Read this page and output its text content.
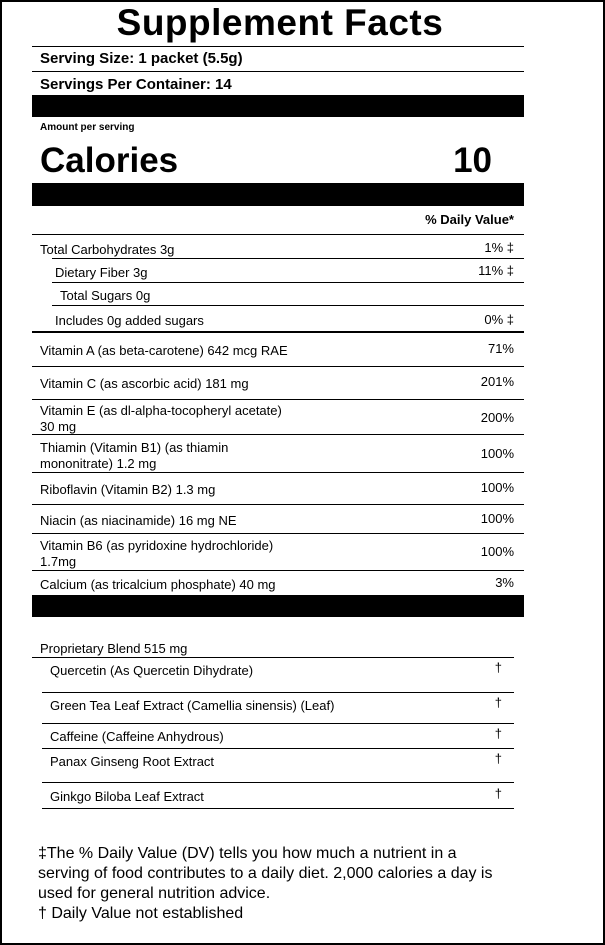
Supplement Facts
Serving Size: 1 packet (5.5g)
Servings Per Container: 14
Amount per serving
Calories	10
% Daily Value*
Total Carbohydrates 3g	1% ‡
Dietary Fiber 3g	11% ‡
Total Sugars 0g
Includes 0g added sugars	0% ‡
Vitamin A (as beta-carotene) 642 mcg RAE	71%
Vitamin C (as ascorbic acid) 181 mg	201%
Vitamin E (as dl-alpha-tocopheryl acetate)
30 mg
200%
Thiamin (Vitamin B1) (as thiamin
mononitrate) 1.2 mg
100%
Riboflavin (Vitamin B2) 1.3 mg	100%
Niacin (as niacinamide) 16 mg NE	100%
Vitamin B6 (as pyridoxine hydrochloride)
1.7mg
100%
Calcium (as tricalcium phosphate) 40 mg	3%
Proprietary Blend 515 mg
Quercetin (As Quercetin Dihydrate)	†
Green Tea Leaf Extract (Camellia sinensis) (Leaf)	†
Caffeine (Caffeine Anhydrous)	†
Panax Ginseng Root Extract	†
Ginkgo Biloba Leaf Extract	†
‡The % Daily Value (DV) tells you how much a nutrient in a
serving of food contributes to a daily diet. 2,000 calories a day is
used for general nutrition advice.
† Daily Value not established
